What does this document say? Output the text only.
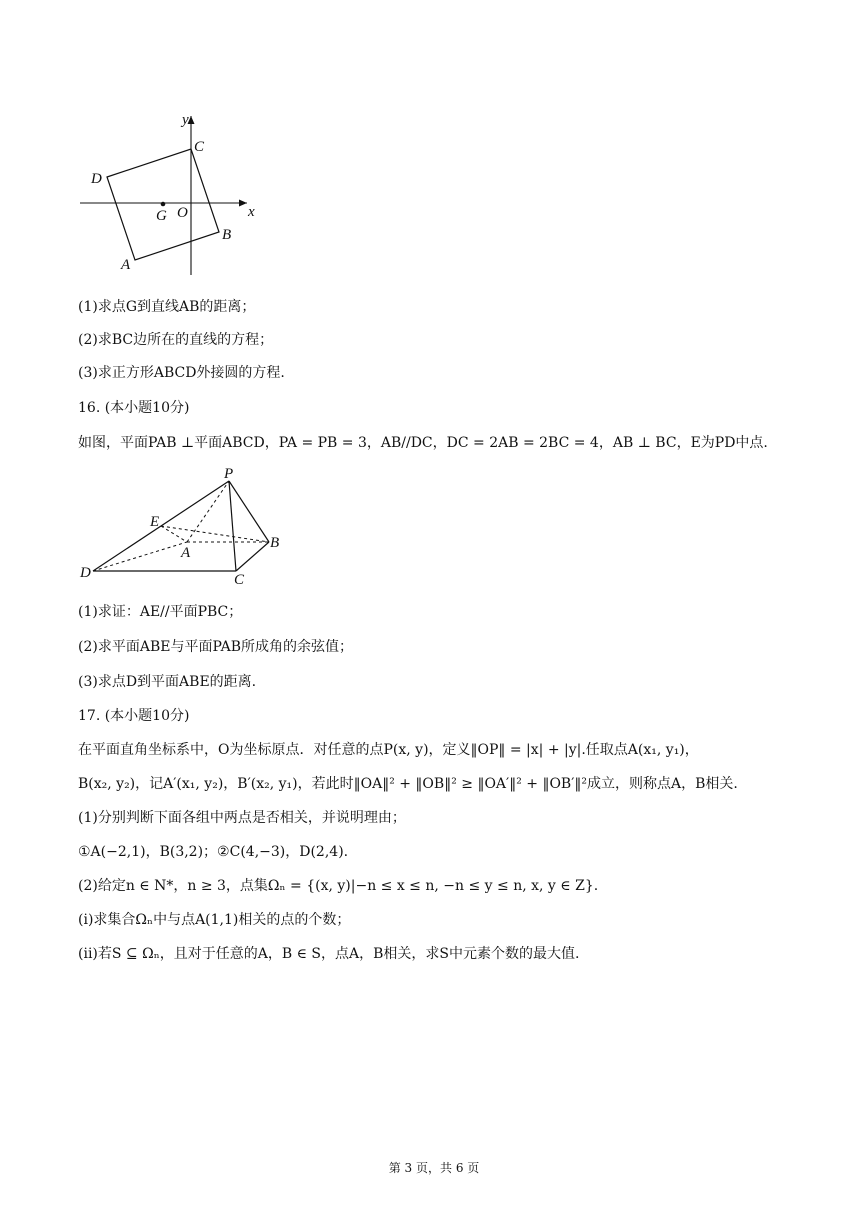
y
x
C
D
G O
B
A
(1)求点G到直线AB的距离；
(2)求BC边所在的直线的方程；
(3)求正方形ABCD外接圆的方程.
16. (本小题10分)
如图，平面PAB ⊥平面ABCD，PA = PB = 3，AB//DC，DC = 2AB = 2BC = 4，AB ⊥ BC，E为PD中点.
P
E
A
B
D	C
(1)求证：AE//平面PBC；
(2)求平面ABE与平面PAB所成角的余弦值；
(3)求点D到平面ABE的距离.
17. (本小题10分)
在平面直角坐标系中，O为坐标原点．对任意的点P(x, y)，定义‖OP‖ = |x| + |y|.任取点A(x₁, y₁)，
B(x₂, y₂)，记A′(x₁, y₂)，B′(x₂, y₁)，若此时‖OA‖² + ‖OB‖² ≥ ‖OA′‖² + ‖OB′‖²成立，则称点A，B相关.
(1)分别判断下面各组中两点是否相关，并说明理由；
①A(−2,1)，B(3,2)；②C(4,−3)，D(2,4).
(2)给定n ∈ N*，n ≥ 3，点集Ωₙ = {(x, y)|−n ≤ x ≤ n, −n ≤ y ≤ n, x, y ∈ Z}.
(i)求集合Ωₙ中与点A(1,1)相关的点的个数；
(ii)若S ⊆ Ωₙ，且对于任意的A，B ∈ S，点A，B相关，求S中元素个数的最大值.
第 3 页，共 6 页
